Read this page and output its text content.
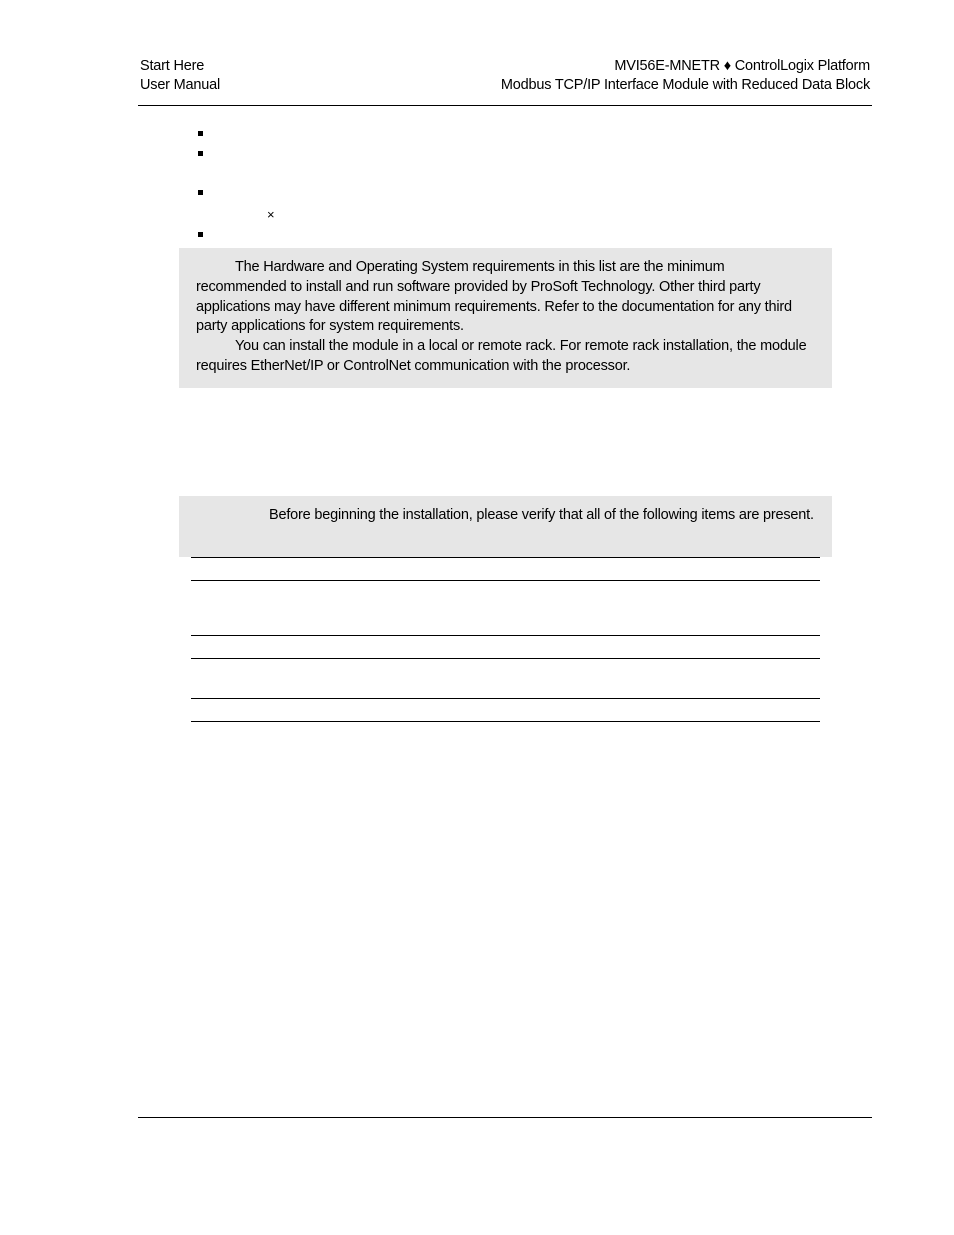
Start Here
User Manual
MVI56E-MNETR ♦ ControlLogix Platform
Modbus TCP/IP Interface Module with Reduced Data Block
×

The Hardware and Operating System requirements in this list are the minimum recommended to install and run software provided by ProSoft Technology. Other third party applications may have different minimum requirements. Refer to the documentation for any third party applications for system requirements.

You can install the module in a local or remote rack. For remote rack installation, the module requires EtherNet/IP or ControlNet communication with the processor.

Before beginning the installation, please verify that all of the following items are present.
